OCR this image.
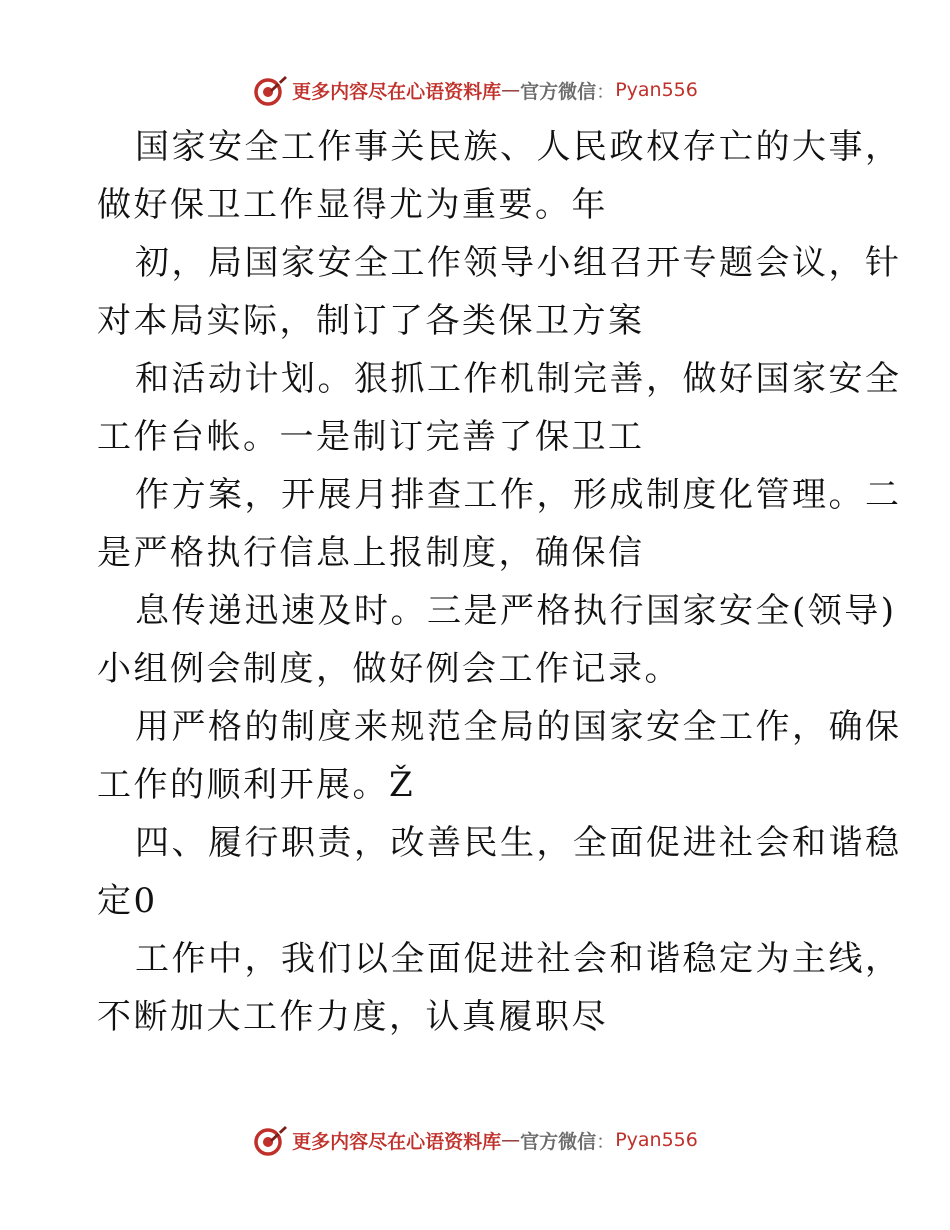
更多内容尽在心语资料库 — 官方微信 ： Pyan556
国家安全工作事关民族、人民政权存亡的大事，
做好保卫工作显得尤为重要。年
初，局国家安全工作领导小组召开专题会议，针
对本局实际，制订了各类保卫方案
和活动计划。狠抓工作机制完善，做好国家安全
工作台帐。一是制订完善了保卫工
作方案，开展月排查工作，形成制度化管理。二
是严格执行信息上报制度，确保信
息传递迅速及时。三是严格执行国家安全(领导)
小组例会制度，做好例会工作记录。
用严格的制度来规范全局的国家安全工作，确保
工作的顺利开展。Ž
四、履行职责，改善民生，全面促进社会和谐稳
定0
工作中，我们以全面促进社会和谐稳定为主线，
不断加大工作力度，认真履职尽
更多内容尽在心语资料库 — 官方微信 ： Pyan556
